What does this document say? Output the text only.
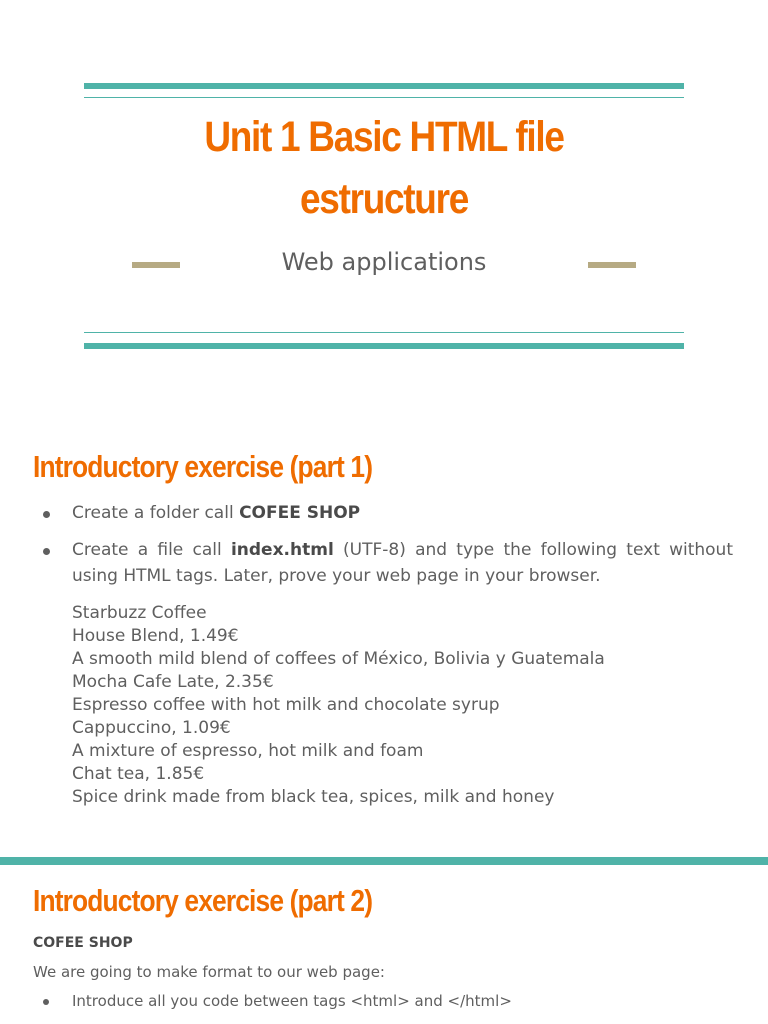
Unit 1 Basic HTML file
estructure
Web applications
Introductory exercise (part 1)
Create a folder call COFEE SHOP
Create a file call index.html (UTF-8) and type the following text without using HTML tags. Later, prove your web page in your browser.
Starbuzz Coffee
House Blend, 1.49€
A smooth mild blend of coffees of México, Bolivia y Guatemala
Mocha Cafe Late, 2.35€
Espresso coffee with hot milk and chocolate syrup
Cappuccino, 1.09€
A mixture of espresso, hot milk and foam
Chat tea, 1.85€
Spice drink made from black tea, spices, milk and honey
Introductory exercise (part 2)
COFEE SHOP
We are going to make format to our web page:
Introduce all you code between tags <html> and </html>
